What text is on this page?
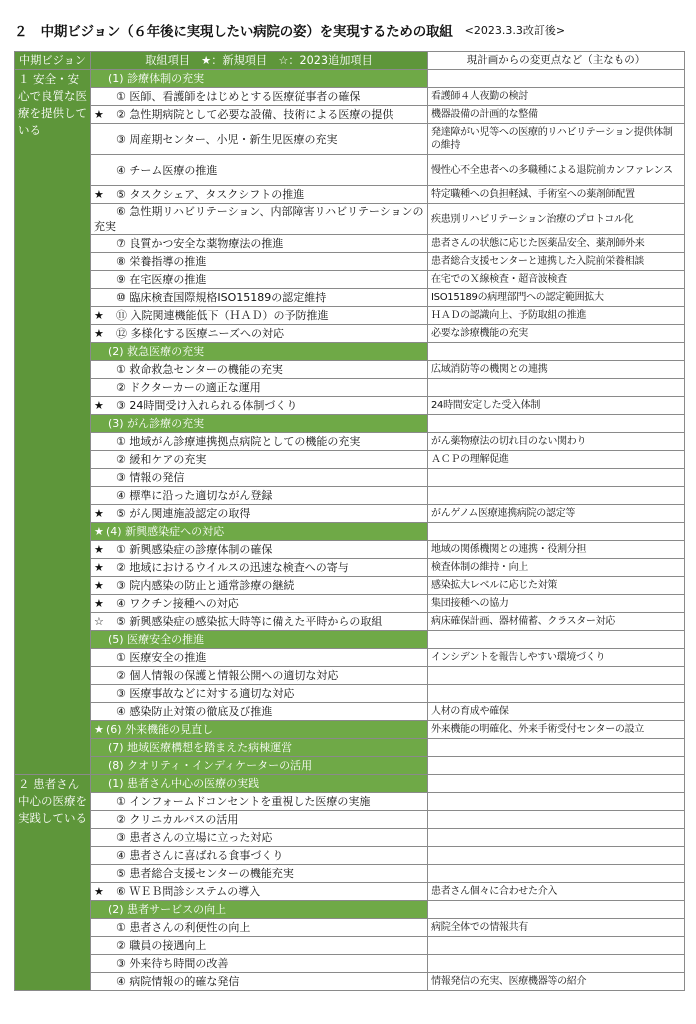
２　中期ビジョン（６年後に実現したい病院の姿）を実現するための取組 <2023.3.3改訂後>
中期ビジョン	取組項目　★：新規項目　☆：2023追加項目	現計画からの変更点など（主なもの）
１ 安全・安心で良質な医療を提供している	(1) 診療体制の充実	
	① 医師、看護師をはじめとする医療従事者の確保	看護師４人夜勤の検討
	★ ② 急性期病院として必要な設備、技術による医療の提供	機器設備の計画的な整備
	③ 周産期センター、小児・新生児医療の充実	発達障がい児等への医療的リハビリテーション提供体制の維持
	④ チーム医療の推進	慢性心不全患者への多職種による退院前カンファレンス
	★ ⑤ タスクシェア、タスクシフトの推進	特定職種への負担軽減、手術室への薬剤師配置
	⑥ 急性期リハビリテーション、内部障害リハビリテーションの充実	疾患別リハビリテーション治療のプロトコル化
	⑦ 良質かつ安全な薬物療法の推進	患者さんの状態に応じた医薬品安全、薬剤師外来
	⑧ 栄養指導の推進	患者総合支援センターと連携した入院前栄養相談
	⑨ 在宅医療の推進	在宅でのＸ線検査・超音波検査
	⑩ 臨床検査国際規格ISO15189の認定維持	ISO15189の病理部門への認定範囲拡大
	★ ⑪ 入院関連機能低下（ＨＡＤ）の予防推進	ＨＡＤの認識向上、予防取組の推進
	★ ⑫ 多様化する医療ニーズへの対応	必要な診療機能の充実
	(2) 救急医療の充実	
	① 救命救急センターの機能の充実	広域消防等の機関との連携
	② ドクターカーの適正な運用	
	★ ③ 24時間受け入れられる体制づくり	24時間安定した受入体制
	(3) がん診療の充実	
	① 地域がん診療連携拠点病院としての機能の充実	がん薬物療法の切れ目のない関わり
	② 緩和ケアの充実	ＡＣＰの理解促進
	③ 情報の発信	
	④ 標準に沿った適切ながん登録	
	★ ⑤ がん関連施設認定の取得	がんゲノム医療連携病院の認定等
	★ (4) 新興感染症への対応	
	★ ① 新興感染症の診療体制の確保	地域の関係機関との連携・役割分担
	★ ② 地域におけるウイルスの迅速な検査への寄与	検査体制の維持・向上
	★ ③ 院内感染の防止と通常診療の継続	感染拡大レベルに応じた対策
	★ ④ ワクチン接種への対応	集団接種への協力
	☆ ⑤ 新興感染症の感染拡大時等に備えた平時からの取組	病床確保計画、器材備蓄、クラスター対応
	(5) 医療安全の推進	
	① 医療安全の推進	インシデントを報告しやすい環境づくり
	② 個人情報の保護と情報公開への適切な対応	
	③ 医療事故などに対する適切な対応	
	④ 感染防止対策の徹底及び推進	人材の育成や確保
	★ (6) 外来機能の見直し	外来機能の明確化、外来手術受付センターの設立
	(7) 地域医療構想を踏まえた病棟運営	
	(8) クオリティ・インディケーターの活用	
２ 患者さん中心の医療を実践している	(1) 患者さん中心の医療の実践	
	① インフォームドコンセントを重視した医療の実施	
	② クリニカルパスの活用	
	③ 患者さんの立場に立った対応	
	④ 患者さんに喜ばれる食事づくり	
	⑤ 患者総合支援センターの機能充実	
	★ ⑥ ＷＥＢ問診システムの導入	患者さん個々に合わせた介入
	(2) 患者サービスの向上	
	① 患者さんの利便性の向上	病院全体での情報共有
	② 職員の接遇向上	
	③ 外来待ち時間の改善	
	④ 病院情報の的確な発信	情報発信の充実、医療機器等の紹介
